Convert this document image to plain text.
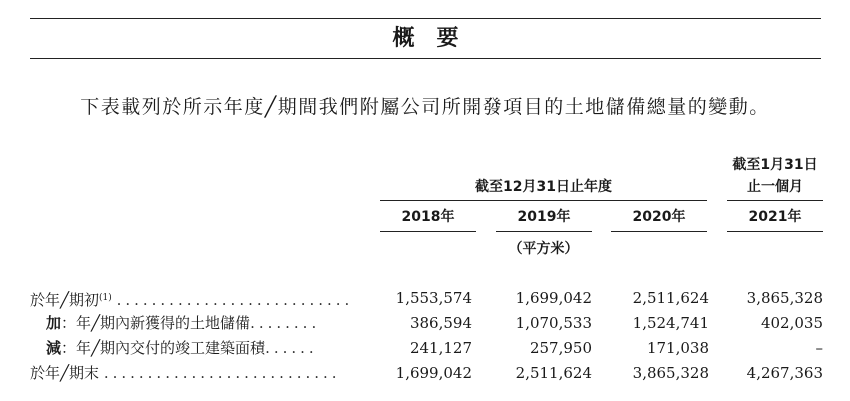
概要
下表載列於所示年度╱期間我們附屬公司所開發項目的土地儲備總量的變動。
截至12月31日止年度
截至1月31日
止一個月
2018年	2019年	2020年	2021年
（平方米）
於年╱期初$^{(1)}$ ...........................	1,553,574	1,699,042	2,511,624	3,865,328
加：年╱期內新獲得的土地儲備........	386,594	1,070,533	1,524,741	402,035
減：年╱期內交付的竣工建築面積......	241,127	257,950	171,038	–
於年╱期末 ...........................	1,699,042	2,511,624	3,865,328	4,267,363
